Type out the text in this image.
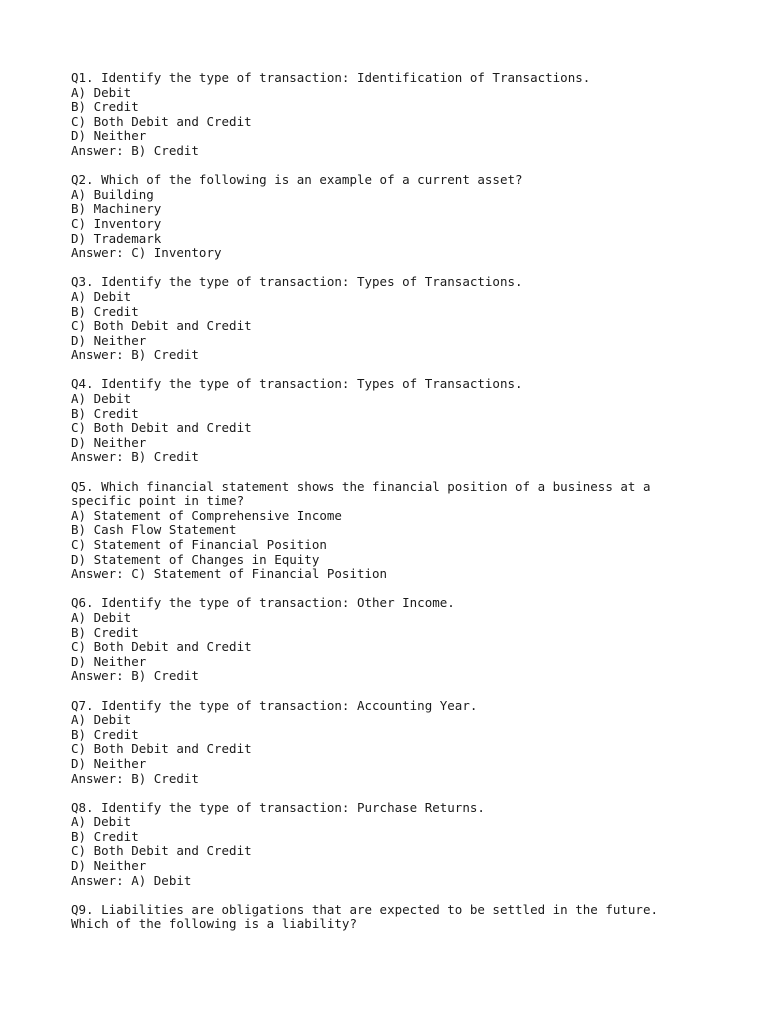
Q1. Identify the type of transaction: Identification of Transactions.
A) Debit
B) Credit
C) Both Debit and Credit
D) Neither
Answer: B) Credit
Q2. Which of the following is an example of a current asset?
A) Building
B) Machinery
C) Inventory
D) Trademark
Answer: C) Inventory
Q3. Identify the type of transaction: Types of Transactions.
A) Debit
B) Credit
C) Both Debit and Credit
D) Neither
Answer: B) Credit
Q4. Identify the type of transaction: Types of Transactions.
A) Debit
B) Credit
C) Both Debit and Credit
D) Neither
Answer: B) Credit
Q5. Which financial statement shows the financial position of a business at a
specific point in time?
A) Statement of Comprehensive Income
B) Cash Flow Statement
C) Statement of Financial Position
D) Statement of Changes in Equity
Answer: C) Statement of Financial Position
Q6. Identify the type of transaction: Other Income.
A) Debit
B) Credit
C) Both Debit and Credit
D) Neither
Answer: B) Credit
Q7. Identify the type of transaction: Accounting Year.
A) Debit
B) Credit
C) Both Debit and Credit
D) Neither
Answer: B) Credit
Q8. Identify the type of transaction: Purchase Returns.
A) Debit
B) Credit
C) Both Debit and Credit
D) Neither
Answer: A) Debit
Q9. Liabilities are obligations that are expected to be settled in the future.
Which of the following is a liability?
